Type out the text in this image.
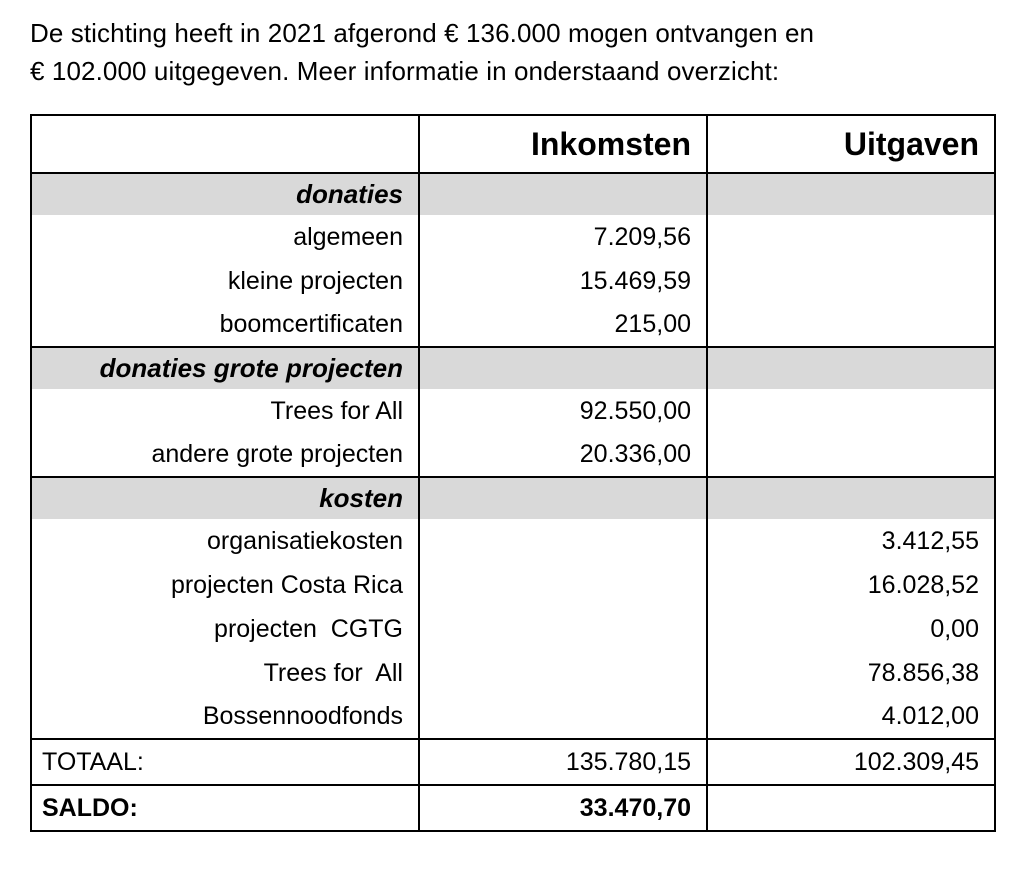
De stichting heeft in 2021 afgerond € 136.000 mogen ontvangen en
€ 102.000 uitgegeven. Meer informatie in onderstaand overzicht:
	Inkomsten	Uitgaven
donaties		
algemeen	7.209,56	
kleine projecten	15.469,59	
boomcertificaten	215,00	
donaties grote projecten		
Trees for All	92.550,00	
andere grote projecten	20.336,00	
kosten		
organisatiekosten		3.412,55
projecten Costa Rica		16.028,52
projecten  CGTG		0,00
Trees for  All		78.856,38
Bossennoodfonds		4.012,00
TOTAAL:	135.780,15	102.309,45
SALDO:	33.470,70	
